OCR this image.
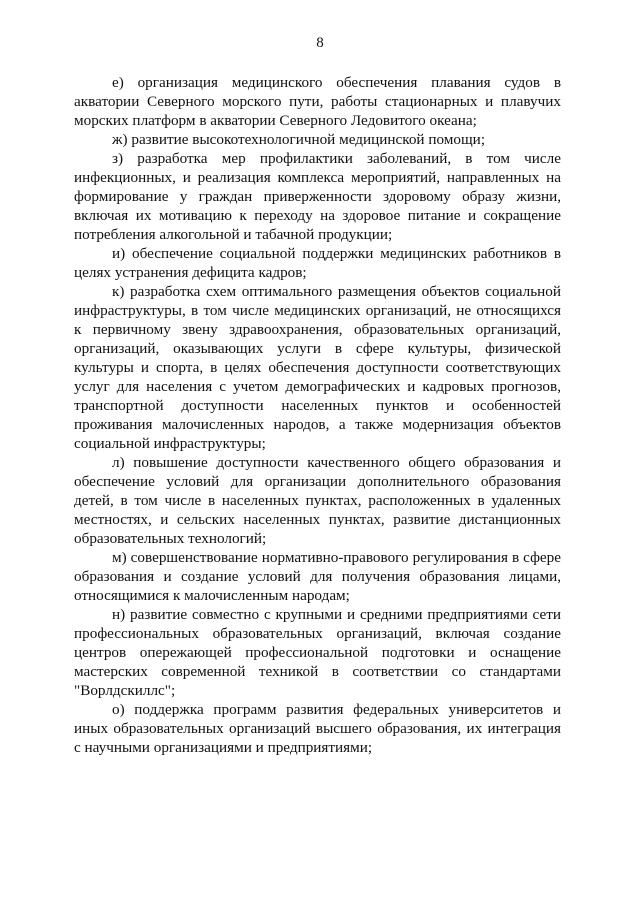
8

е) организация медицинского обеспечения плавания судов в акватории Северного морского пути, работы стационарных и плавучих морских платформ в акватории Северного Ледовитого океана;

ж) развитие высокотехнологичной медицинской помощи;

з) разработка мер профилактики заболеваний, в том числе инфекционных, и реализация комплекса мероприятий, направленных на формирование у граждан приверженности здоровому образу жизни, включая их мотивацию к переходу на здоровое питание и сокращение потребления алкогольной и табачной продукции;

и) обеспечение социальной поддержки медицинских работников в целях устранения дефицита кадров;

к) разработка схем оптимального размещения объектов социальной инфраструктуры, в том числе медицинских организаций, не относящихся к первичному звену здравоохранения, образовательных организаций, организаций, оказывающих услуги в сфере культуры, физической культуры и спорта, в целях обеспечения доступности соответствующих услуг для населения с учетом демографических и кадровых прогнозов, транспортной доступности населенных пунктов и особенностей проживания малочисленных народов, а также модернизация объектов социальной инфраструктуры;

л) повышение доступности качественного общего образования и обеспечение условий для организации дополнительного образования детей, в том числе в населенных пунктах, расположенных в удаленных местностях, и сельских населенных пунктах, развитие дистанционных образовательных технологий;

м) совершенствование нормативно-правового регулирования в сфере образования и создание условий для получения образования лицами, относящимися к малочисленным народам;

н) развитие совместно с крупными и средними предприятиями сети профессиональных образовательных организаций, включая создание центров опережающей профессиональной подготовки и оснащение мастерских современной техникой в соответствии со стандартами "Ворлдскиллс";

о) поддержка программ развития федеральных университетов и иных образовательных организаций высшего образования, их интеграция с научными организациями и предприятиями;
